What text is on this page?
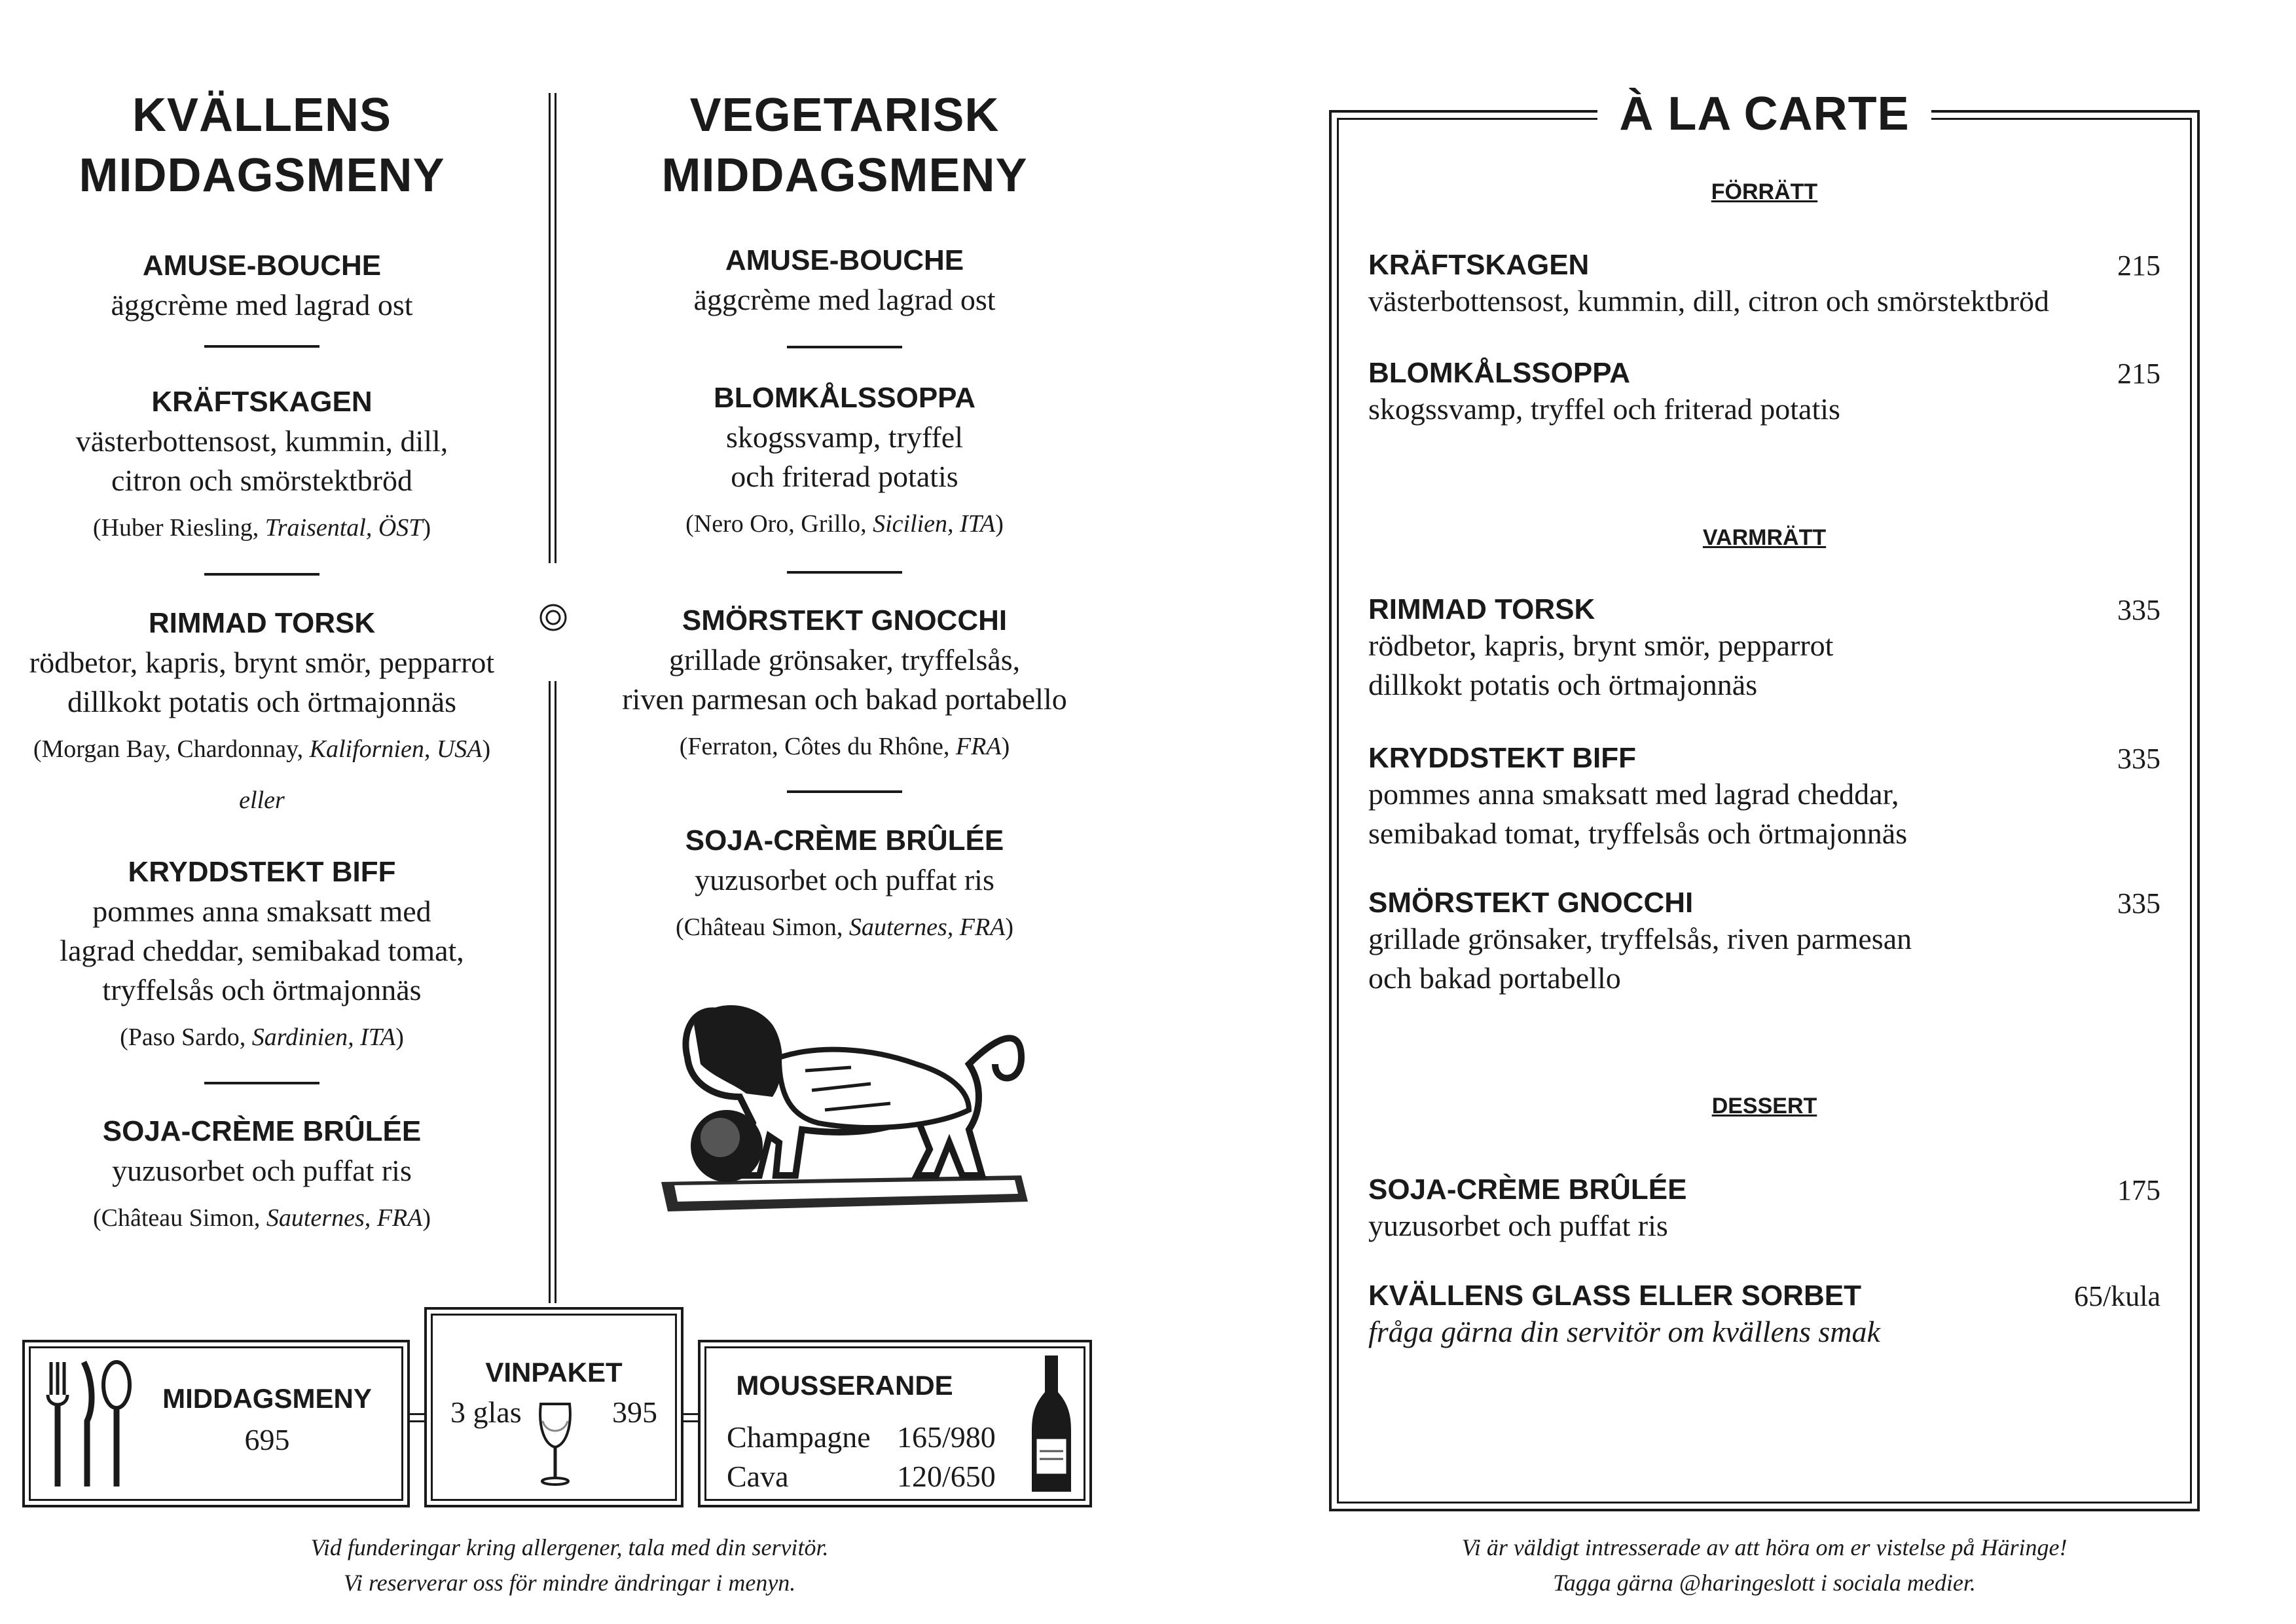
KVÄLLENS

MIDDAGSMENY

AMUSE-BOUCHE

äggcrème med lagrad ost

KRÄFTSKAGEN

västerbottensost, kummin, dill,

citron och smörstektbröd

(Huber Riesling, Traisental, ÖST)

RIMMAD TORSK

rödbetor, kapris, brynt smör, pepparrot

dillkokt potatis och örtmajonnäs

(Morgan Bay, Chardonnay, Kalifornien, USA)

eller

KRYDDSTEKT BIFF

pommes anna smaksatt med

lagrad cheddar, semibakad tomat,

tryffelsås och örtmajonnäs

(Paso Sardo, Sardinien, ITA)

SOJA-CRÈME BRÛLÉE

yuzusorbet och puffat ris

(Château Simon, Sauternes, FRA)

VEGETARISK

MIDDAGSMENY

AMUSE-BOUCHE

äggcrème med lagrad ost

BLOMKÅLSSOPPA

skogssvamp, tryffel

och friterad potatis

(Nero Oro, Grillo, Sicilien, ITA)

SMÖRSTEKT GNOCCHI

grillade grönsaker, tryffelsås,

riven parmesan och bakad portabello

(Ferraton, Côtes du Rhône, FRA)

SOJA-CRÈME BRÛLÉE

yuzusorbet och puffat ris

(Château Simon, Sauternes, FRA)

MIDDAGSMENY
695
VINPAKET
3 glas	395
MOUSSERANDE
Champagne 165/980
Cava	120/650
Vid funderingar kring allergener, tala med din servitör.
Vi reserverar oss för mindre ändringar i menyn.
À LA CARTE
FÖRRÄTT
KRÄFTSKAGEN	215
västerbottensost, kummin, dill, citron och smörstektbröd
BLOMKÅLSSOPPA	215
skogssvamp, tryffel och friterad potatis
VARMRÄTT
RIMMAD TORSK	335
rödbetor, kapris, brynt smör, pepparrot
dillkokt potatis och örtmajonnäs
KRYDDSTEKT BIFF	335
pommes anna smaksatt med lagrad cheddar,
semibakad tomat, tryffelsås och örtmajonnäs
SMÖRSTEKT GNOCCHI	335
grillade grönsaker, tryffelsås, riven parmesan
och bakad portabello
DESSERT
SOJA-CRÈME BRÛLÉE	175
yuzusorbet och puffat ris
KVÄLLENS GLASS ELLER SORBET	65/kula
fråga gärna din servitör om kvällens smak
Vi är väldigt intresserade av att höra om er vistelse på Häringe!
Tagga gärna @haringeslott i sociala medier.
